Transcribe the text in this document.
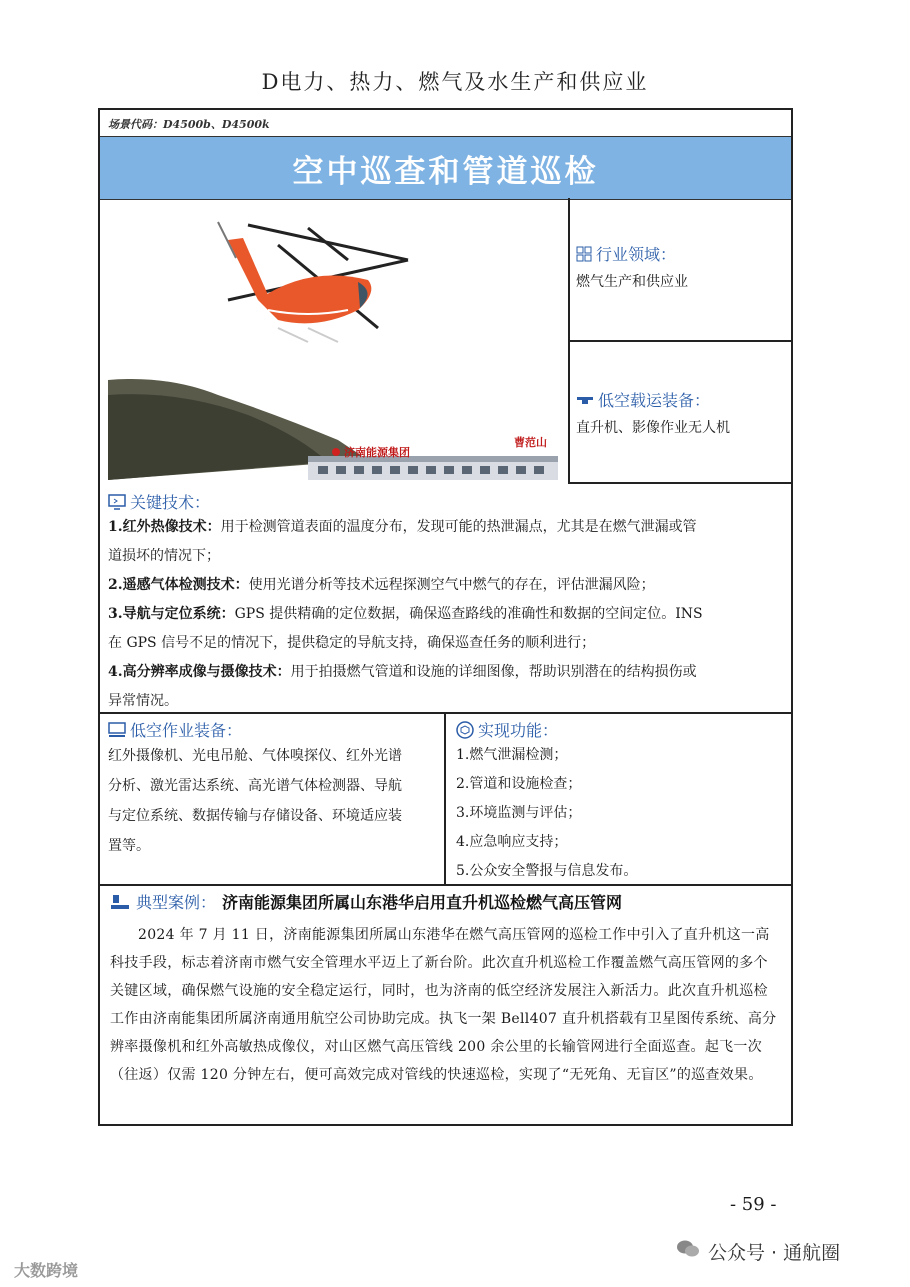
D电力、热力、燃气及水生产和供应业
场景代码：D4500b、D4500k
空中巡查和管道巡检
济南能源集团
曹范山
行业领域：
燃气生产和供应业
低空载运装备：
直升机、影像作业无人机
关键技术：
1.红外热像技术：用于检测管道表面的温度分布，发现可能的热泄漏点，尤其是在燃气泄漏或管
道损坏的情况下；
2.遥感气体检测技术：使用光谱分析等技术远程探测空气中燃气的存在，评估泄漏风险；
3.导航与定位系统：GPS 提供精确的定位数据，确保巡查路线的准确性和数据的空间定位。INS
在 GPS 信号不足的情况下，提供稳定的导航支持，确保巡查任务的顺利进行；
4.高分辨率成像与摄像技术：用于拍摄燃气管道和设施的详细图像，帮助识别潜在的结构损伤或
异常情况。
低空作业装备：
红外摄像机、光电吊舱、气体嗅探仪、红外光谱
分析、激光雷达系统、高光谱气体检测器、导航
与定位系统、数据传输与存储设备、环境适应装
置等。
实现功能：
1.燃气泄漏检测；
2.管道和设施检查；
3.环境监测与评估；
4.应急响应支持；
5.公众安全警报与信息发布。
典型案例： 济南能源集团所属山东港华启用直升机巡检燃气高压管网
2024 年 7 月 11 日，济南能源集团所属山东港华在燃气高压管网的巡检工作中引入了直升机这一高科技手段，标志着济南市燃气安全管理水平迈上了新台阶。此次直升机巡检工作覆盖燃气高压管网的多个关键区域，确保燃气设施的安全稳定运行，同时，也为济南的低空经济发展注入新活力。此次直升机巡检工作由济南能集团所属济南通用航空公司协助完成。执飞一架 Bell407 直升机搭载有卫星图传系统、高分辨率摄像机和红外高敏热成像仪，对山区燃气高压管线 200 余公里的长输管网进行全面巡查。起飞一次（往返）仅需 120 分钟左右，便可高效完成对管线的快速巡检，实现了“无死角、无盲区”的巡查效果。
- 59 -
大数跨境
公众号 · 通航圈
